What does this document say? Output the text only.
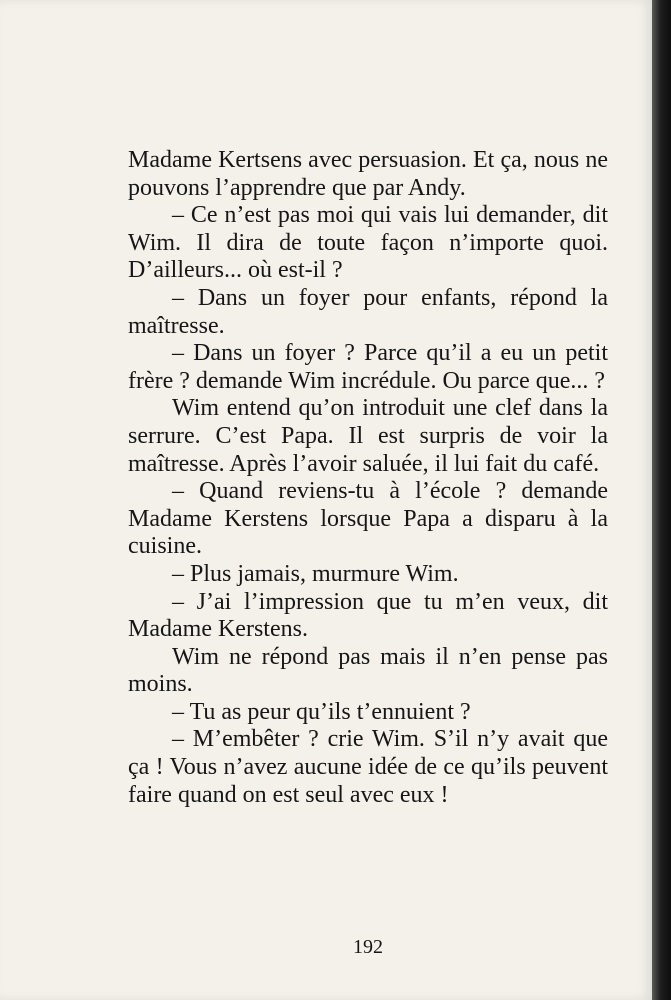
Madame Kertsens avec persuasion. Et ça, nous ne pouvons l’apprendre que par Andy.

– Ce n’est pas moi qui vais lui demander, dit Wim. Il dira de toute façon n’importe quoi. D’ailleurs... où est-il ?

– Dans un foyer pour enfants, répond la maîtresse.

– Dans un foyer ? Parce qu’il a eu un petit frère ? demande Wim incrédule. Ou parce que... ?

Wim entend qu’on introduit une clef dans la serrure. C’est Papa. Il est surpris de voir la maîtresse. Après l’avoir saluée, il lui fait du café.

– Quand reviens-tu à l’école ? demande Madame Kerstens lorsque Papa a disparu à la cuisine.

– Plus jamais, murmure Wim.

– J’ai l’impression que tu m’en veux, dit Madame Kerstens.

Wim ne répond pas mais il n’en pense pas moins.

– Tu as peur qu’ils t’ennuient ?

– M’embêter ? crie Wim. S’il n’y avait que ça ! Vous n’avez aucune idée de ce qu’ils peuvent faire quand on est seul avec eux !

192
